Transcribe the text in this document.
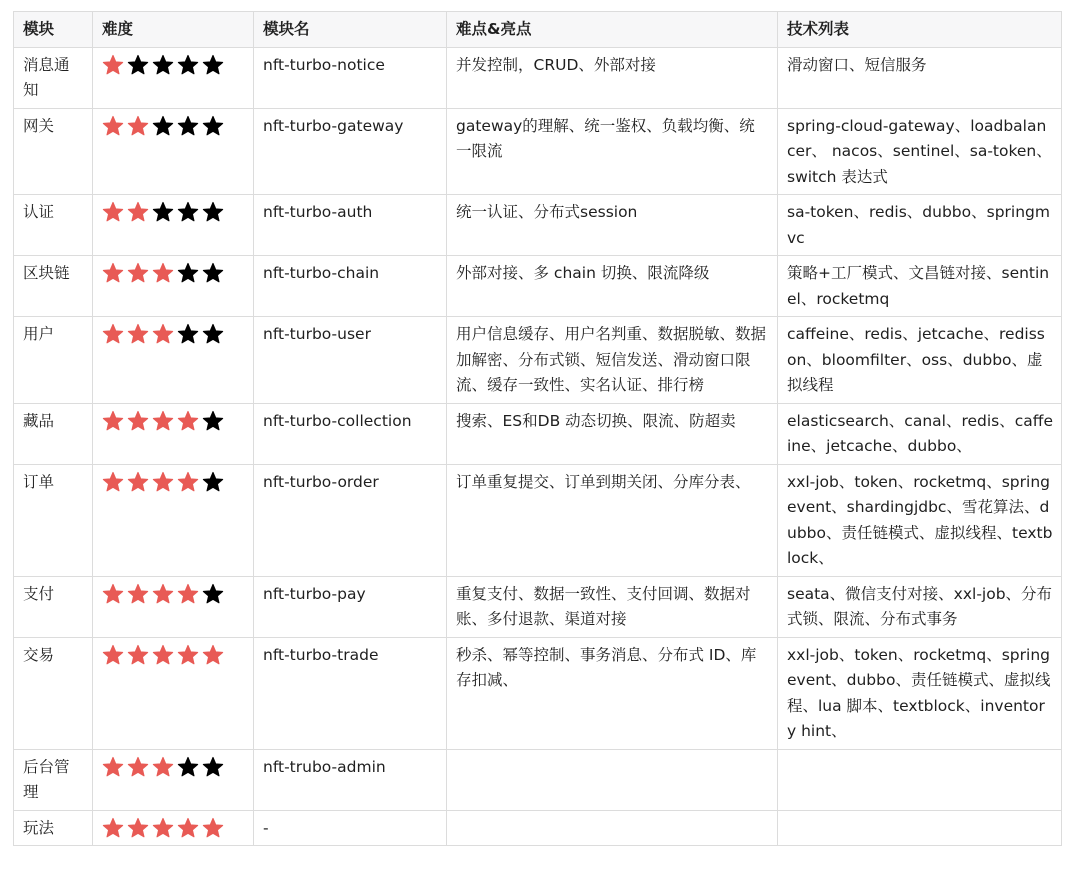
模块	难度	模块名	难点&亮点	技术列表
消息通知		nft-turbo-notice	并发控制，CRUD、外部对接	滑动窗口、短信服务
网关		nft-turbo-gateway	gateway的理解、统一鉴权、负载均衡、统一限流	spring-cloud-gateway、loadbalancer、 nacos、sentinel、sa-token、switch 表达式
认证		nft-turbo-auth	统一认证、分布式session	sa-token、redis、dubbo、springmvc
区块链		nft-turbo-chain	外部对接、多 chain 切换、限流降级	策略+工厂模式、文昌链对接、sentinel、rocketmq
用户		nft-turbo-user	用户信息缓存、用户名判重、数据脱敏、数据加解密、分布式锁、短信发送、滑动窗口限流、缓存一致性、实名认证、排行榜	caffeine、redis、jetcache、redisson、bloomfilter、oss、dubbo、虚拟线程
藏品		nft-turbo-collection	搜索、ES和DB 动态切换、限流、防超卖	elasticsearch、canal、redis、caffeine、jetcache、dubbo、
订单		nft-turbo-order	订单重复提交、订单到期关闭、分库分表、	xxl-job、token、rocketmq、springevent、shardingjdbc、雪花算法、dubbo、责任链模式、虚拟线程、textblock、
支付		nft-turbo-pay	重复支付、数据一致性、支付回调、数据对账、多付退款、渠道对接	seata、微信支付对接、xxl-job、分布式锁、限流、分布式事务
交易		nft-turbo-trade	秒杀、幂等控制、事务消息、分布式 ID、库存扣减、	xxl-job、token、rocketmq、springevent、dubbo、责任链模式、虚拟线程、lua 脚本、textblock、inventory hint、
后台管理		nft-trubo-admin		
玩法		-		
